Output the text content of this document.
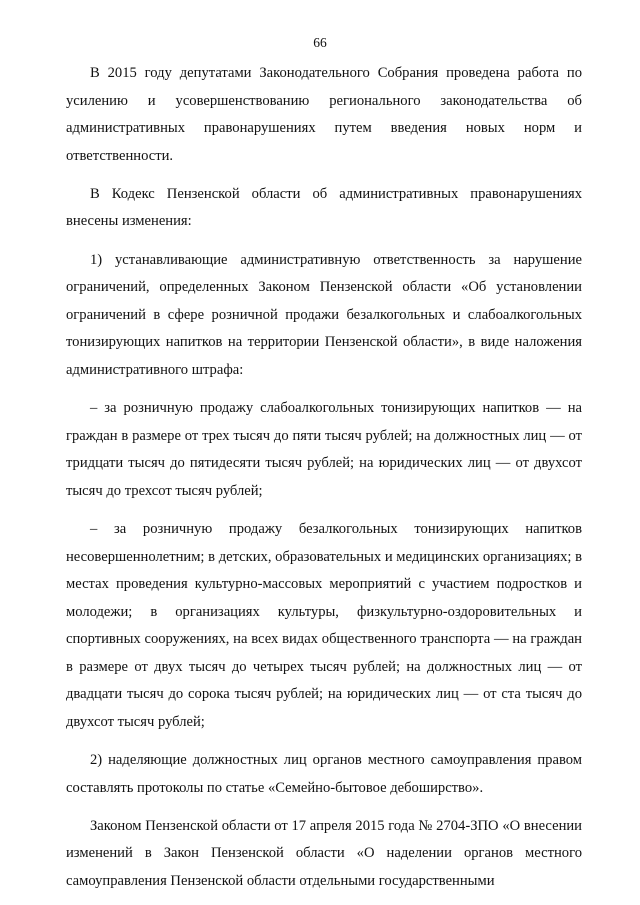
66

В 2015 году депутатами Законодательного Собрания проведена работа по усилению и усовершенствованию регионального законодательства об административных правонарушениях путем введения новых норм и ответственности.

В Кодекс Пензенской области об административных правонарушениях внесены изменения:

1) устанавливающие административную ответственность за нарушение ограничений, определенных Законом Пензенской области «Об установлении ограничений в сфере розничной продажи безалкогольных и слабоалкогольных тонизирующих напитков на территории Пензенской области», в виде наложения административного штрафа:

– за розничную продажу слабоалкогольных тонизирующих напитков — на граждан в размере от трех тысяч до пяти тысяч рублей; на должностных лиц — от тридцати тысяч до пятидесяти тысяч рублей; на юридических лиц — от двухсот тысяч до трехсот тысяч рублей;

– за розничную продажу безалкогольных тонизирующих напитков несовершеннолетним; в детских, образовательных и медицинских организациях; в местах проведения культурно-массовых мероприятий с участием подростков и молодежи; в организациях культуры, физкультурно-оздоровительных и спортивных сооружениях, на всех видах общественного транспорта — на граждан в размере от двух тысяч до четырех тысяч рублей; на должностных лиц — от двадцати тысяч до сорока тысяч рублей; на юридических лиц — от ста тысяч до двухсот тысяч рублей;

2) наделяющие должностных лиц органов местного самоуправления правом составлять протоколы по статье «Семейно-бытовое дебоширство».

Законом Пензенской области от 17 апреля 2015 года № 2704-ЗПО «О внесении изменений в Закон Пензенской области «О наделении органов местного самоуправления Пензенской области отдельными государственными
